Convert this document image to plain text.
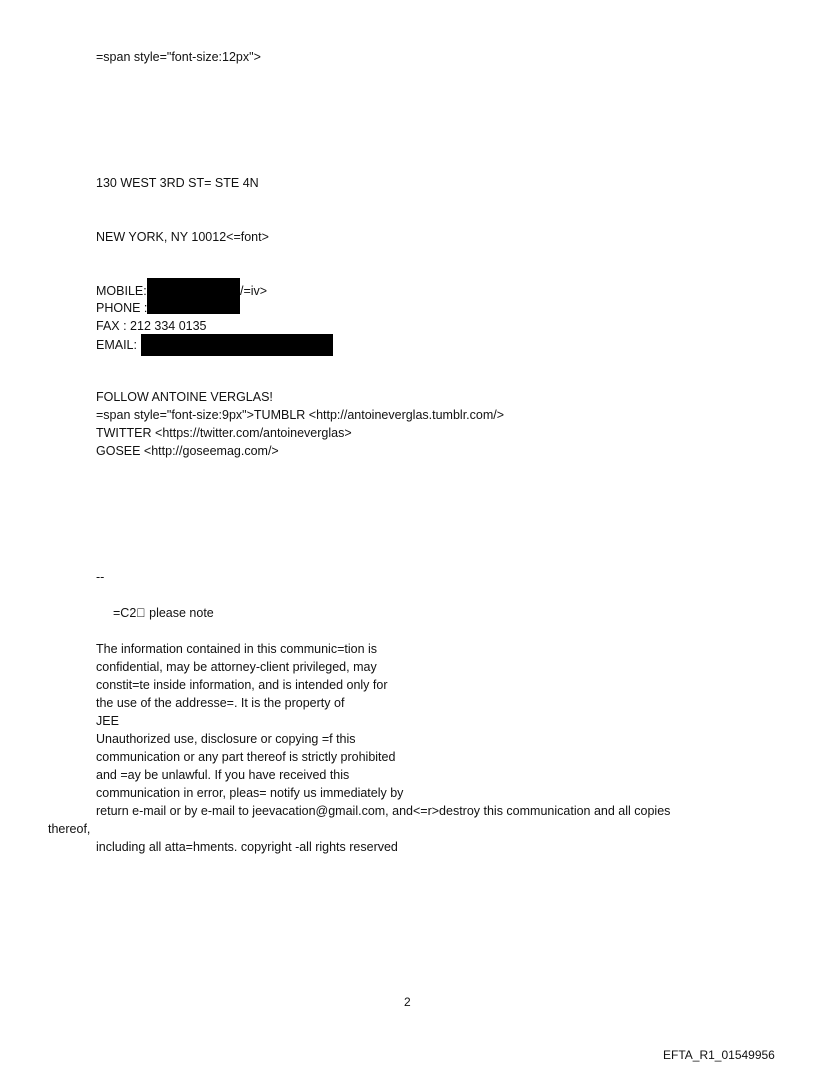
=span style="font-size:12px">

130 WEST 3RD ST= STE 4N

NEW YORK, NY 10012<=font>

MOBILE:	/=iv>

PHONE :

FAX : 212 334 0135

EMAIL:

FOLLOW ANTOINE VERGLAS!

=span style="font-size:9px">TUMBLR <http://antoineverglas.tumblr.com/>

TWITTER <https://twitter.com/antoineverglas>

GOSEE <http://goseemag.com/>

--

=C2  please note

The information contained in this communic=tion is

confidential, may be attorney-client privileged, may

constit=te inside information, and is intended only for

the use of the addresse=. It is the property of

JEE

Unauthorized use, disclosure or copying =f this

communication or any part thereof is strictly prohibited

and =ay be unlawful. If you have received this

communication in error, pleas= notify us immediately by

return e-mail or by e-mail to jeevacation@gmail.com, and<=r>destroy this communication and all copies

thereof,

including all atta=hments. copyright -all rights reserved

2
EFTA_R1_01549956
